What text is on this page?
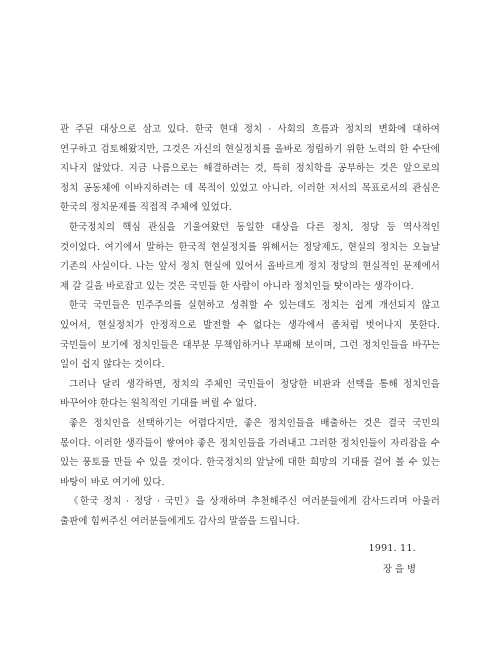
관 주된 대상으로 삼고 있다. 한국 현대 정치 · 사회의 흐름과 정치의 변화에 대하여 연구하고 검토해왔지만, 그것은 자신의 현실정치를 올바로 정립하기 위한 노력의 한 수단에 지나지 않았다. 지금 나름으로는 해결하려는 것, 특히 정치학을 공부하는 것은 앞으로의 정치 공동체에 이바지하려는 데 목적이 있었고 아니라, 이러한 저서의 목표로서의 관심은 한국의 정치문제를 직접적 주체에 있었다.

한국정치의 핵심 관심을 기울여왔던 동일한 대상을 다른 정치, 정당 등 역사적인 것이었다. 여기에서 말하는 한국적 현실정치를 위해서는 정당제도, 현실의 정치는 오늘날 기존의 사실이다. 나는 앞서 정치 현실에 있어서 올바르게 정치 정당의 현실적인 문제에서 제 갈 길을 바로잡고 있는 것은 국민들 한 사람이 아니라 정치인들 탓이라는 생각이다.

한국 국민들은 민주주의를 실현하고 성취할 수 있는데도 정치는 쉽게 개선되지 않고 있어서, 현실정치가 안정적으로 발전할 수 없다는 생각에서 좀처럼 벗어나지 못한다. 국민들이 보기에 정치인들은 대부분 무책임하거나 부패해 보이며, 그런 정치인들을 바꾸는 일이 쉽지 않다는 것이다.

그러나 달리 생각하면, 정치의 주체인 국민들이 정당한 비판과 선택을 통해 정치인을 바꾸어야 한다는 원칙적인 기대를 버릴 수 없다.

좋은 정치인을 선택하기는 어렵다지만, 좋은 정치인들을 배출하는 것은 결국 국민의 몫이다. 이러한 생각들이 쌓여야 좋은 정치인들을 가려내고 그러한 정치인들이 자리잡을 수 있는 풍토를 만들 수 있을 것이다. 한국정치의 앞날에 대한 희망의 기대를 걸어 볼 수 있는 바탕이 바로 여기에 있다.

《한국 정치 · 정당 · 국민》을 상재하며 추천해주신 여러분들에게 감사드리며 아울러 출판에 힘써주신 여러분들에게도 감사의 말씀을 드립니다.

1991. 11.
장 을 병
